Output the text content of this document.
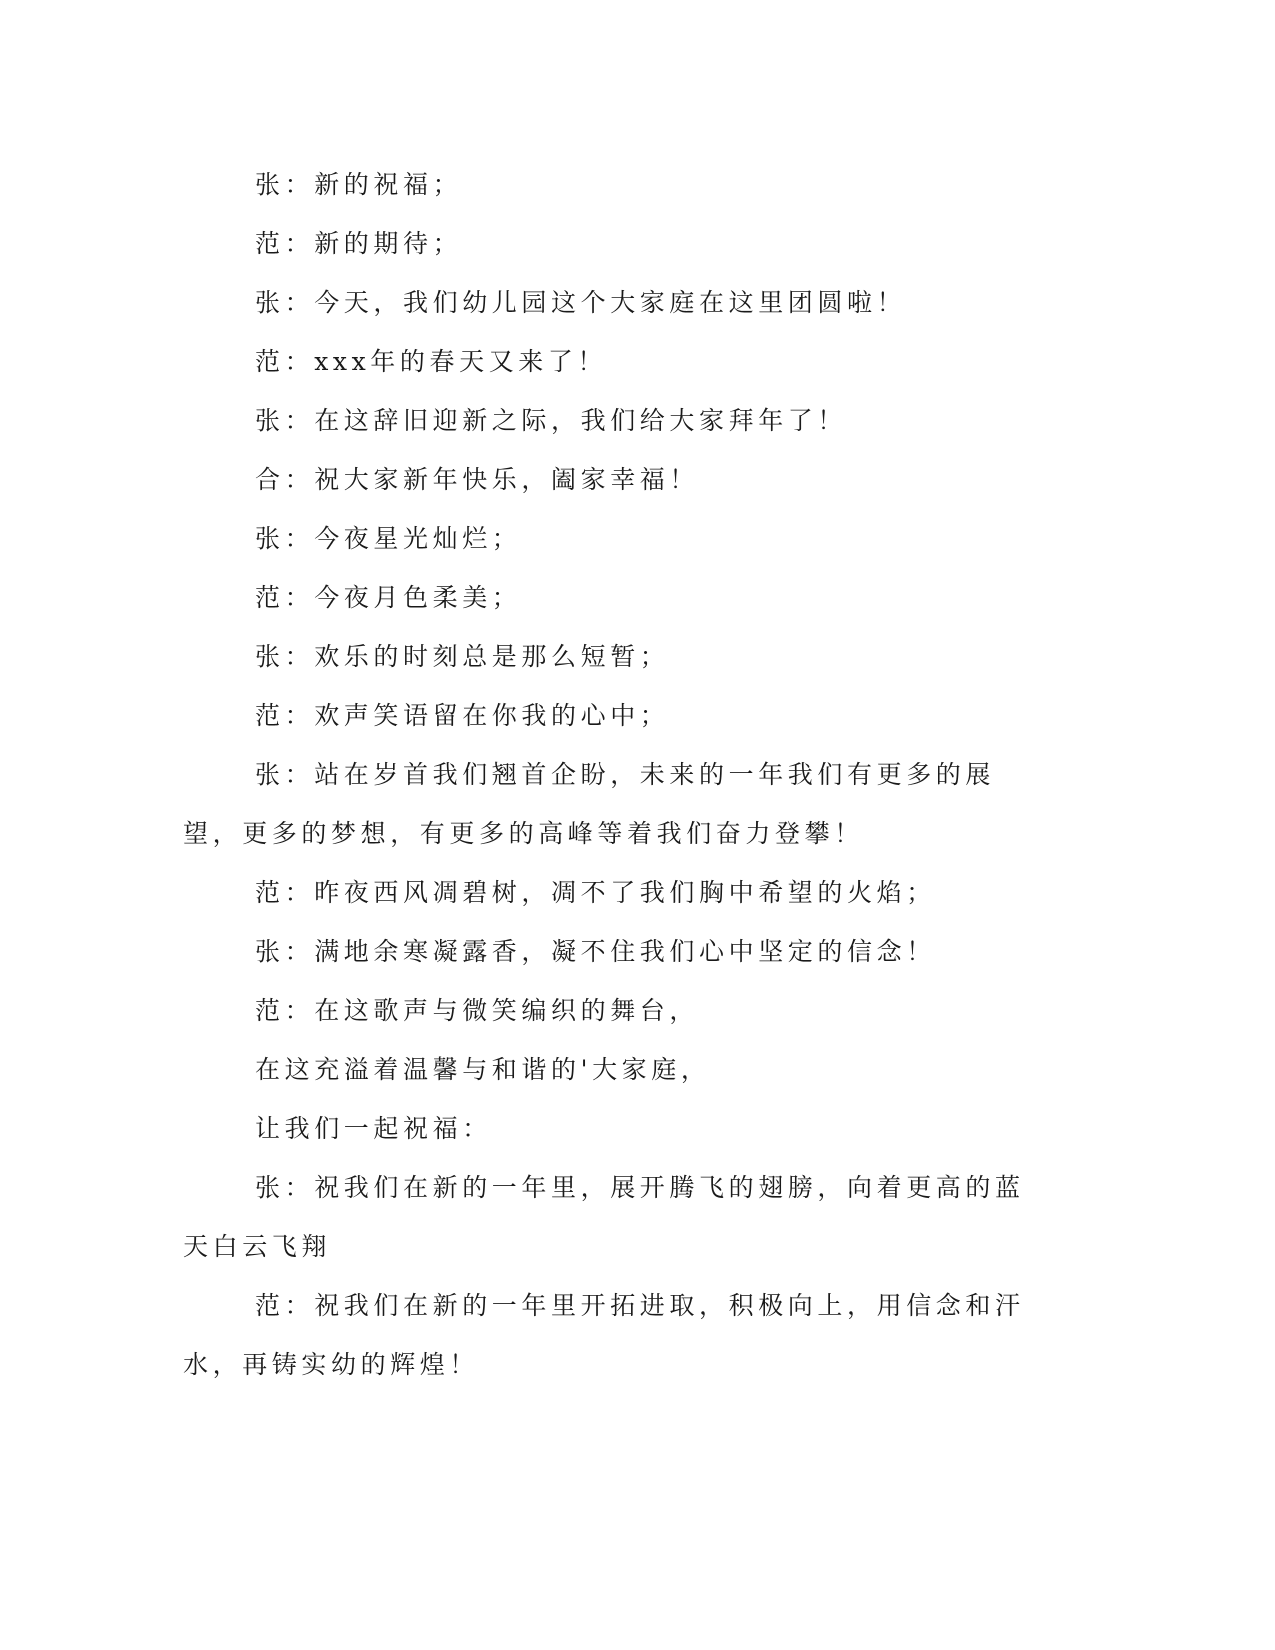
张：新的祝福；

范：新的期待；

张：今天，我们幼儿园这个大家庭在这里团圆啦！

范：xxx年的春天又来了！

张：在这辞旧迎新之际，我们给大家拜年了！

合：祝大家新年快乐，阖家幸福！

张：今夜星光灿烂；

范：今夜月色柔美；

张：欢乐的时刻总是那么短暂；

范：欢声笑语留在你我的心中；

张：站在岁首我们翘首企盼，未来的一年我们有更多的展望，更多的梦想，有更多的高峰等着我们奋力登攀！

范：昨夜西风凋碧树，凋不了我们胸中希望的火焰；

张：满地余寒凝露香，凝不住我们心中坚定的信念！

范：在这歌声与微笑编织的舞台，

在这充溢着温馨与和谐的'大家庭，

让我们一起祝福：

张：祝我们在新的一年里，展开腾飞的翅膀，向着更高的蓝天白云飞翔

范：祝我们在新的一年里开拓进取，积极向上，用信念和汗水，再铸实幼的辉煌！
